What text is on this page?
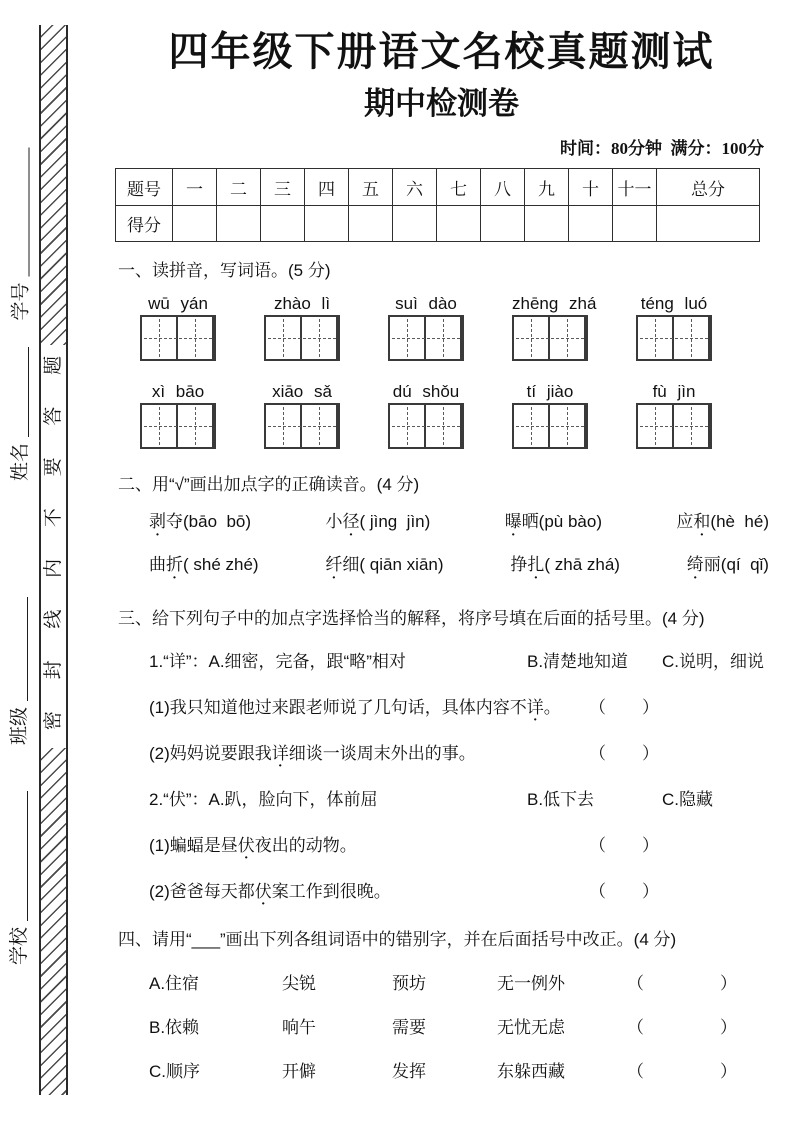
学号
姓名
班级
学校
密 封 线 内 不 要 答 题
四年级下册语文名校真题测试
期中检测卷
时间：80分钟  满分：100分
题号	一	二	三	四	五	六	七	八	九	十	十一	总分
得分
一、读拼音，写词语。(5 分)
wū yán	zhào lì	suì dào	zhēng zhá	téng luó
xì bāo	xiāo sǎ	dú shǒu	tí jiào	fù jìn
二、用“√”画出加点字的正确读音。(4 分)
剥夺(bāo  bō)	小径( jìng  jìn)	曝晒(pù bào)	应和(hè  hé)
曲折( shé zhé)	纤细( qiān xiān)	挣扎( zhā zhá)	绮丽(qí  qǐ)
三、给下列句子中的加点字选择恰当的解释，将序号填在后面的括号里。(4 分)
1.“详”：A.细密，完备，跟“略”相对	B.清楚地知道	C.说明，细说
(1)我只知道他过来跟老师说了几句话，具体内容不详。	（ ）
(2)妈妈说要跟我详细谈一谈周末外出的事。	（ ）
2.“伏”：A.趴，脸向下，体前屈	B.低下去	C.隐藏
(1)蝙蝠是昼伏夜出的动物。	（ ）
(2)爸爸每天都伏案工作到很晚。	（ ）
四、请用“___”画出下列各组词语中的错别字，并在后面括号中改正。(4 分)
A.住宿	尖锐	预坊	无一例外	（	）
B.依赖	响午	需要	无忧无虑	（	）
C.顺序	开僻	发挥	东躲西藏	（	）
